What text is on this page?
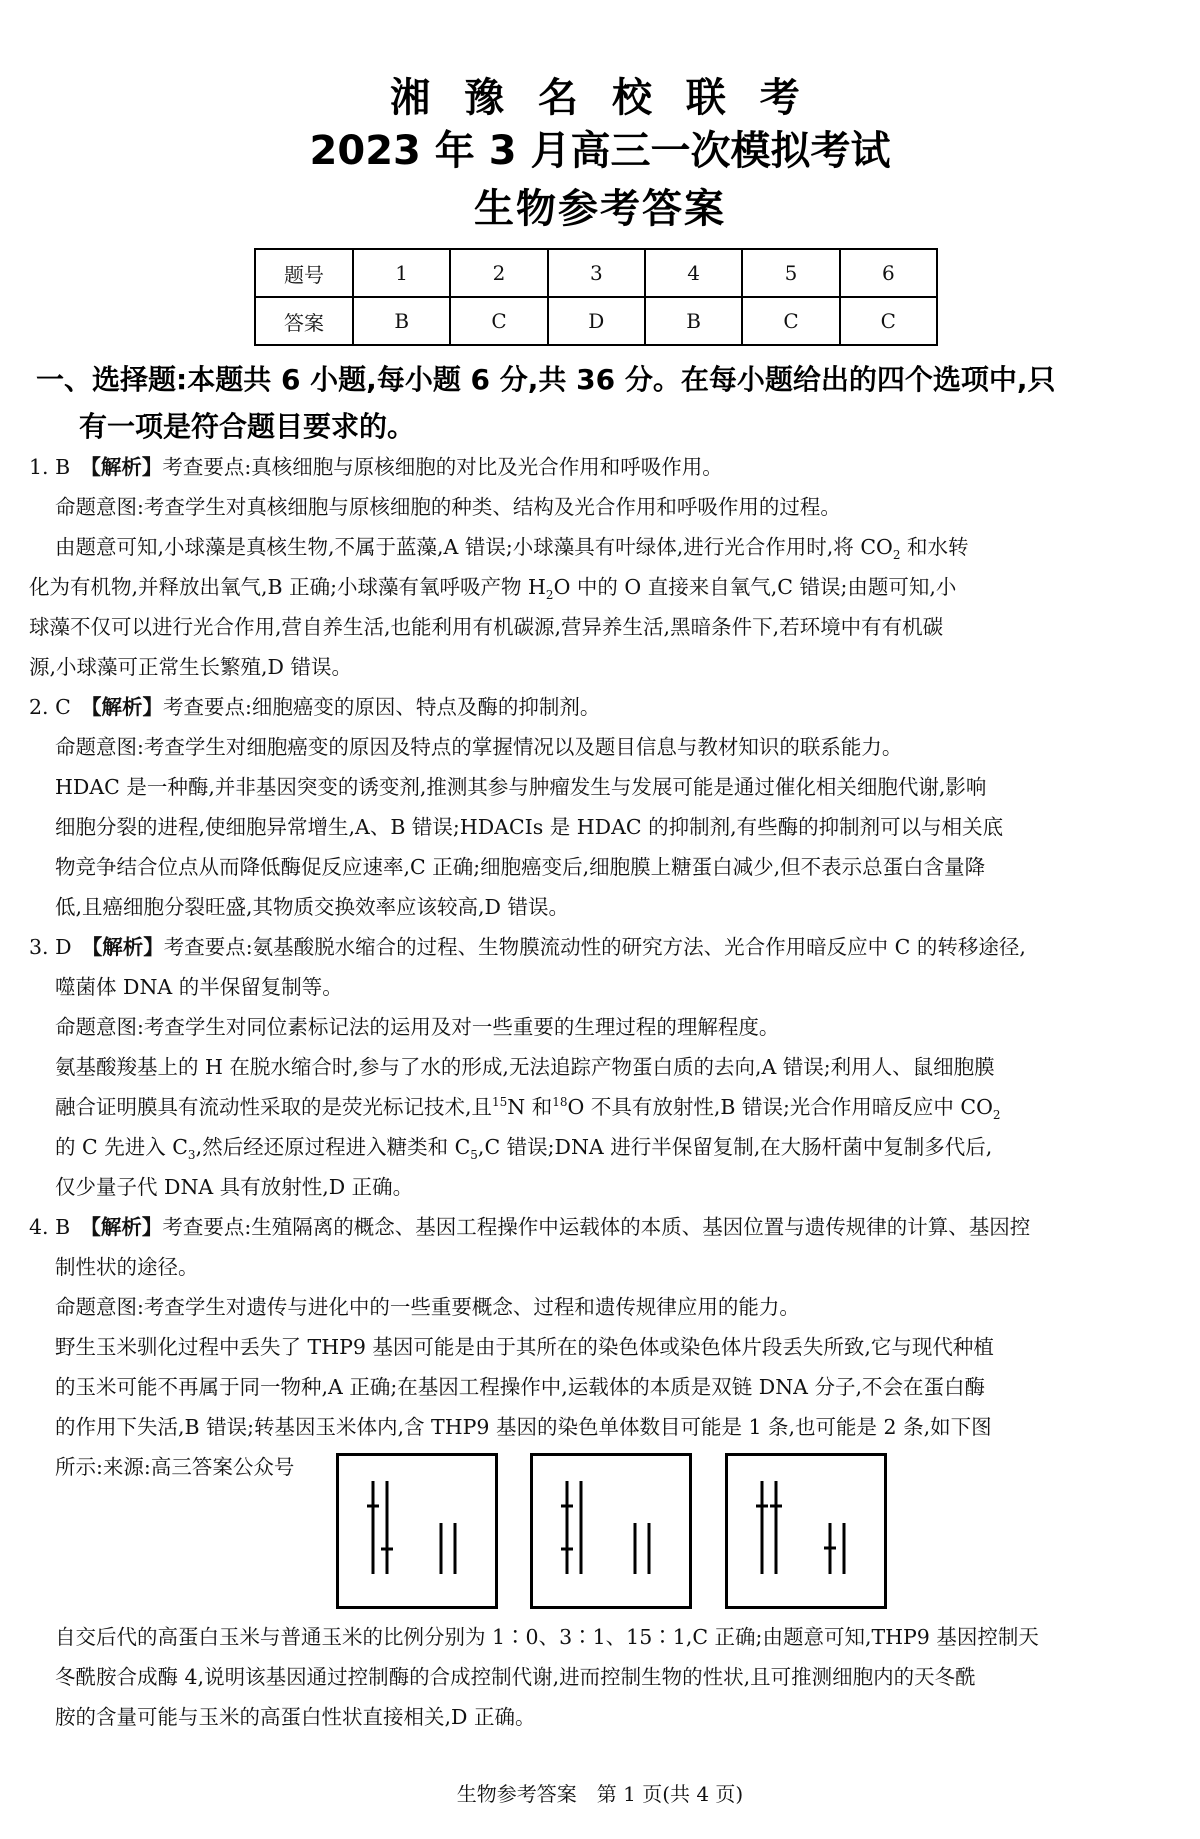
湘 豫 名 校 联 考
2023 年 3 月高三一次模拟考试
生物参考答案
题号	1	2	3	4	5	6
答案	B	C	D	B	C	C
一、选择题:本题共 6 小题,每小题 6 分,共 36 分。在每小题给出的四个选项中,只
有一项是符合题目要求的。
1. B　 【解析】考查要点:真核细胞与原核细胞的对比及光合作用和呼吸作用。
命题意图:考查学生对真核细胞与原核细胞的种类、结构及光合作用和呼吸作用的过程。
由题意可知,小球藻是真核生物,不属于蓝藻,A 错误;小球藻具有叶绿体,进行光合作用时,将 $CO_2$ 和水转
化为有机物,并释放出氧气,B 正确;小球藻有氧呼吸产物 $H_2O$ 中的 O 直接来自氧气,C 错误;由题可知,小
球藻不仅可以进行光合作用,营自养生活,也能利用有机碳源,营异养生活,黑暗条件下,若环境中有有机碳
源,小球藻可正常生长繁殖,D 错误。
2. C　 【解析】考查要点:细胞癌变的原因、特点及酶的抑制剂。
命题意图:考查学生对细胞癌变的原因及特点的掌握情况以及题目信息与教材知识的联系能力。
HDAC 是一种酶,并非基因突变的诱变剂,推测其参与肿瘤发生与发展可能是通过催化相关细胞代谢,影响
细胞分裂的进程,使细胞异常增生,A、B 错误;HDACIs 是 HDAC 的抑制剂,有些酶的抑制剂可以与相关底
物竞争结合位点从而降低酶促反应速率,C 正确;细胞癌变后,细胞膜上糖蛋白减少,但不表示总蛋白含量降
低,且癌细胞分裂旺盛,其物质交换效率应该较高,D 错误。
3. D　 【解析】考查要点:氨基酸脱水缩合的过程、生物膜流动性的研究方法、光合作用暗反应中 C 的转移途径,
噬菌体 DNA 的半保留复制等。
命题意图:考查学生对同位素标记法的运用及对一些重要的生理过程的理解程度。
氨基酸羧基上的 H 在脱水缩合时,参与了水的形成,无法追踪产物蛋白质的去向,A 错误;利用人、鼠细胞膜
融合证明膜具有流动性采取的是荧光标记技术,且$^{15}$N 和$^{18}$O 不具有放射性,B 错误;光合作用暗反应中 $CO_2$
的 C 先进入 $C_3$,然后经还原过程进入糖类和 $C_5,C$ 错误;DNA 进行半保留复制,在大肠杆菌中复制多代后,
仅少量子代 DNA 具有放射性,D 正确。
4. B　 【解析】考查要点:生殖隔离的概念、基因工程操作中运载体的本质、基因位置与遗传规律的计算、基因控
制性状的途径。
命题意图:考查学生对遗传与进化中的一些重要概念、过程和遗传规律应用的能力。
野生玉米驯化过程中丢失了 THP9 基因可能是由于其所在的染色体或染色体片段丢失所致,它与现代种植
的玉米可能不再属于同一物种,A 正确;在基因工程操作中,运载体的本质是双链 DNA 分子,不会在蛋白酶
的作用下失活,B 错误;转基因玉米体内,含 THP9 基因的染色单体数目可能是 1 条,也可能是 2 条,如下图
所示:来源:高三答案公众号
自交后代的高蛋白玉米与普通玉米的比例分别为 1∶0、3∶1、15∶1,C 正确;由题意可知,THP9 基因控制天
冬酰胺合成酶 4,说明该基因通过控制酶的合成控制代谢,进而控制生物的性状,且可推测细胞内的天冬酰
胺的含量可能与玉米的高蛋白性状直接相关,D 正确。
生物参考答案　第 1 页(共 4 页)
